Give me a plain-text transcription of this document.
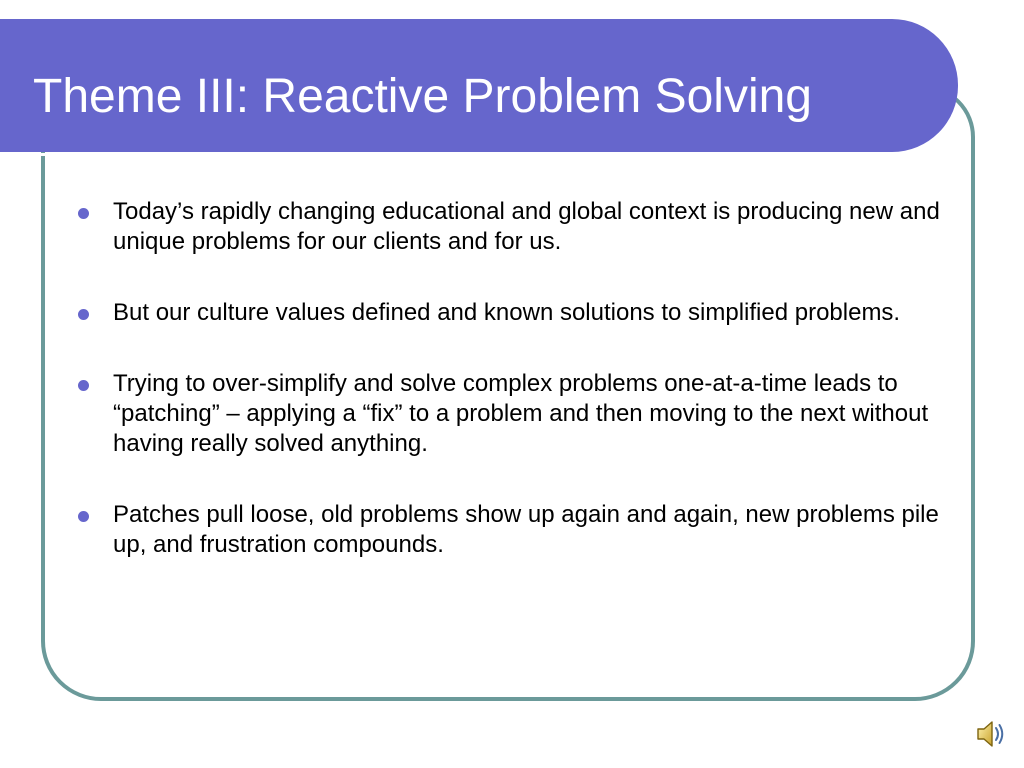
Theme III: Reactive Problem Solving
Today’s rapidly changing educational and global context is producing new and unique problems for our clients and for us.
But our culture values defined and known solutions to simplified problems.
Trying to over-simplify and solve complex problems one-at-a-time leads to “patching” – applying a “fix” to a problem and then moving to the next without having really solved anything.
Patches pull loose, old problems show up again and again, new problems pile up, and frustration compounds.
